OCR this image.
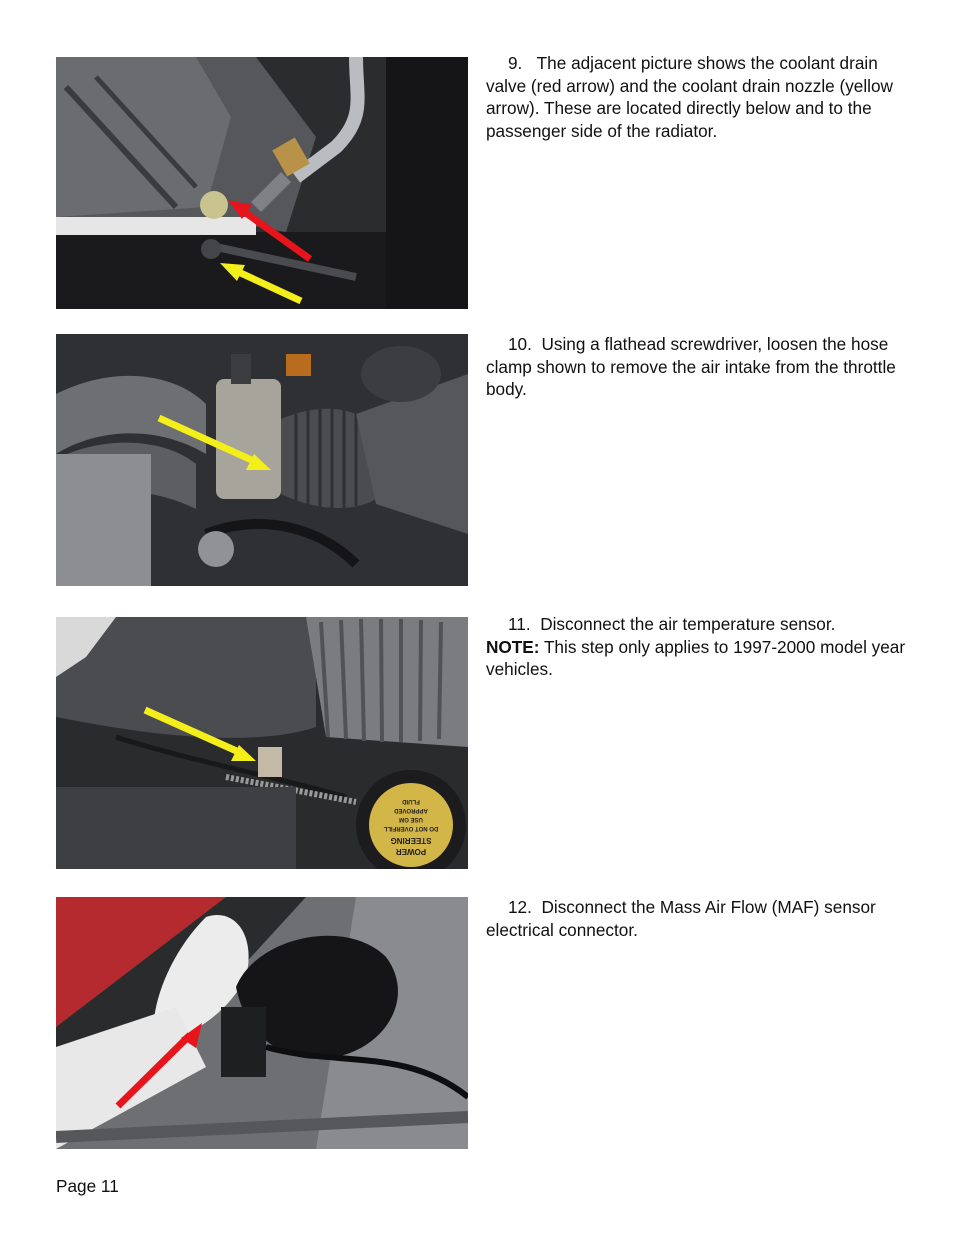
9. The adjacent picture shows the coolant drain valve (red arrow) and the coolant drain nozzle (yellow arrow). These are located directly below and to the passenger side of the radiator.
10. Using a flathead screwdriver, loosen the hose clamp shown to remove the air intake from the throttle body.
POWER
STEERING
DO NOT OVERFILL
USE GM
APPROVED
FLUID
11. Disconnect the air temperature sensor.
NOTE: This step only applies to 1997-2000 model year vehicles.
12. Disconnect the Mass Air Flow (MAF) sensor electrical connector.
Page 11
